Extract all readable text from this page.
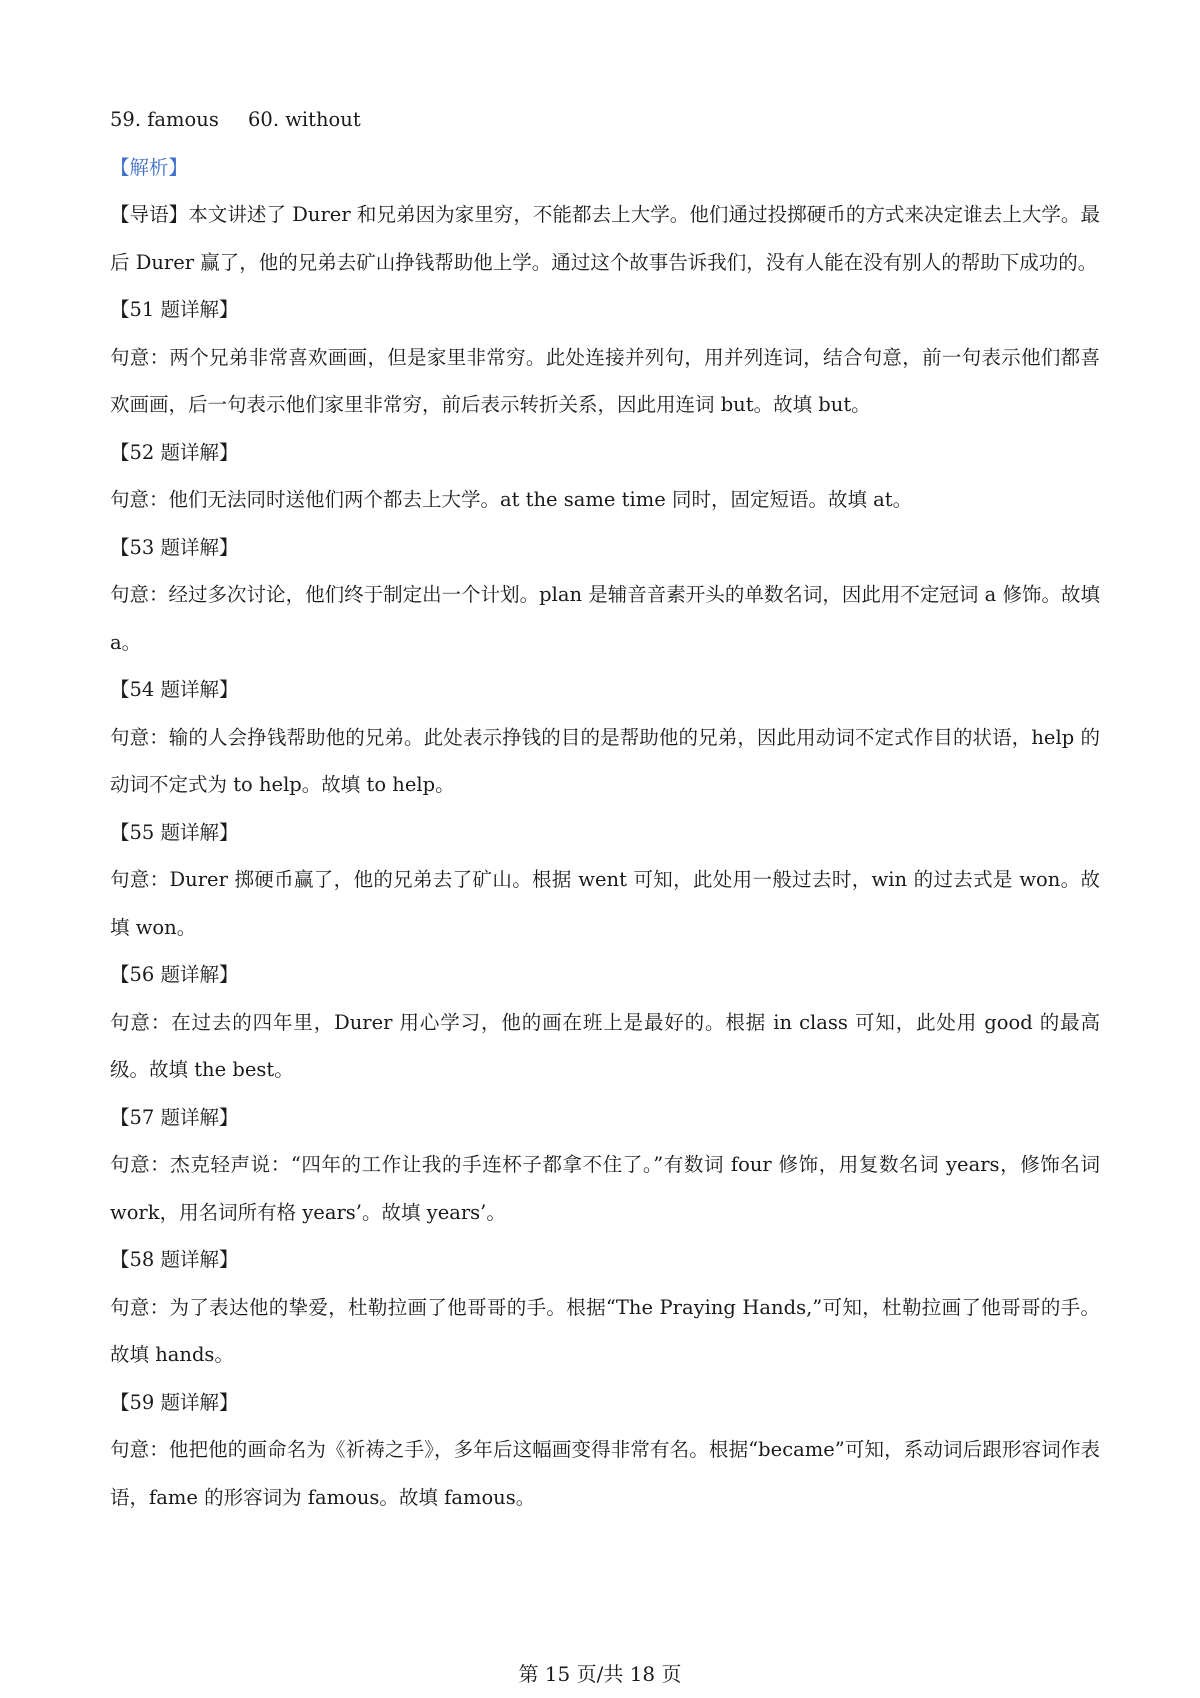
59. famous 60. without

【解析】

【导语】本文讲述了 Durer 和兄弟因为家里穷，不能都去上大学。他们通过投掷硬币的方式来决定谁去上大学。最后 Durer 赢了，他的兄弟去矿山挣钱帮助他上学。通过这个故事告诉我们，没有人能在没有别人的帮助下成功的。

【51 题详解】

句意：两个兄弟非常喜欢画画，但是家里非常穷。此处连接并列句，用并列连词，结合句意，前一句表示他们都喜欢画画，后一句表示他们家里非常穷，前后表示转折关系，因此用连词 but。故填 but。

【52 题详解】

句意：他们无法同时送他们两个都去上大学。at the same time 同时，固定短语。故填 at。

【53 题详解】

句意：经过多次讨论，他们终于制定出一个计划。plan 是辅音音素开头的单数名词，因此用不定冠词 a 修饰。故填 a。

【54 题详解】

句意：输的人会挣钱帮助他的兄弟。此处表示挣钱的目的是帮助他的兄弟，因此用动词不定式作目的状语，help 的动词不定式为 to help。故填 to help。

【55 题详解】

句意：Durer 掷硬币赢了，他的兄弟去了矿山。根据 went 可知，此处用一般过去时，win 的过去式是 won。故填 won。

【56 题详解】

句意：在过去的四年里，Durer 用心学习，他的画在班上是最好的。根据 in class 可知，此处用 good 的最高级。故填 the best。

【57 题详解】

句意：杰克轻声说：“四年的工作让我的手连杯子都拿不住了。”有数词 four 修饰，用复数名词 years，修饰名词 work，用名词所有格 years’。故填 years’。

【58 题详解】

句意：为了表达他的挚爱，杜勒拉画了他哥哥的手。根据“The Praying Hands,”可知，杜勒拉画了他哥哥的手。故填 hands。

【59 题详解】

句意：他把他的画命名为《祈祷之手》，多年后这幅画变得非常有名。根据“became”可知，系动词后跟形容词作表语，fame 的形容词为 famous。故填 famous。

第 15 页/共 18 页
